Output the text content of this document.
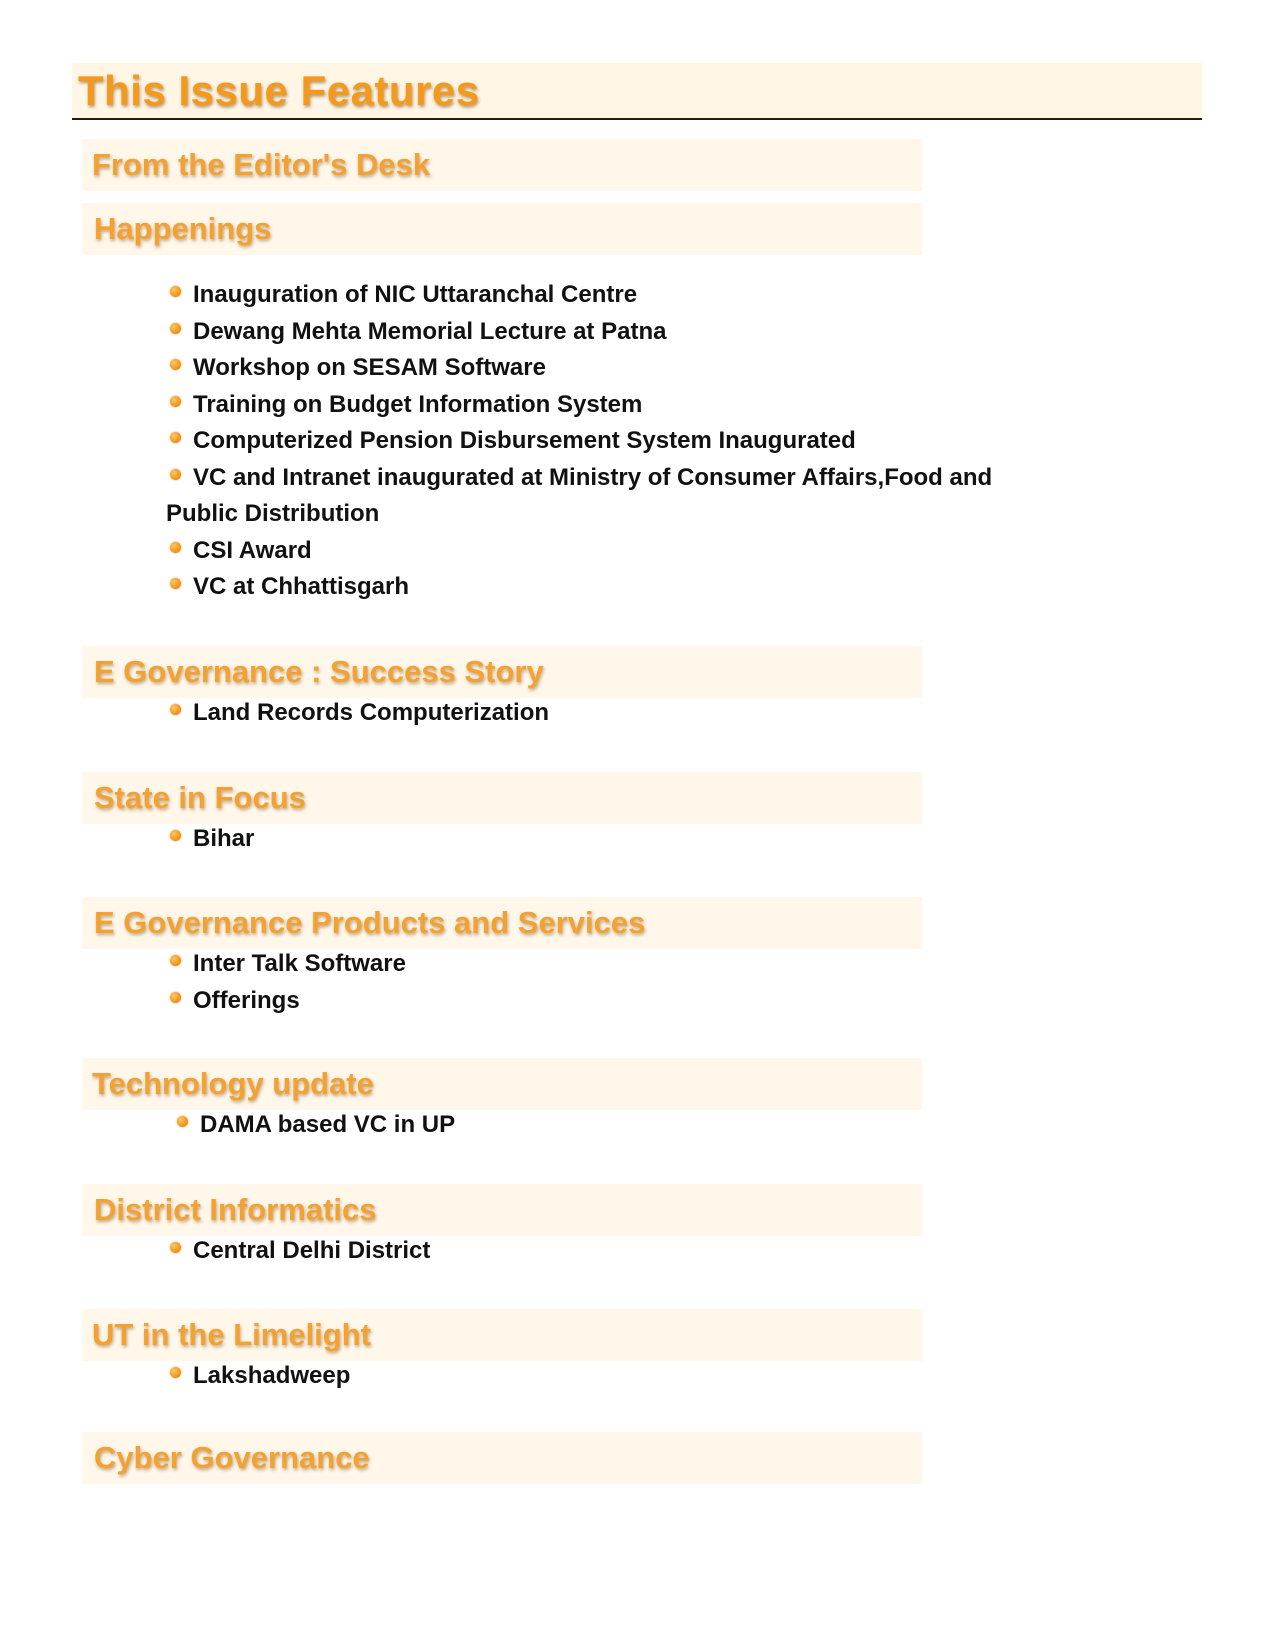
This Issue Features
From the Editor's Desk
Happenings
Inauguration of NIC Uttaranchal Centre
Dewang Mehta Memorial Lecture at Patna
Workshop on SESAM Software
Training on Budget Information System
Computerized Pension Disbursement System Inaugurated
VC and Intranet inaugurated at Ministry of Consumer Affairs,Food and
Public Distribution
CSI Award
VC at Chhattisgarh
E Governance : Success Story
Land Records Computerization
State in Focus
Bihar
E Governance Products and Services
Inter Talk Software
Offerings
Technology update
DAMA based VC in UP
District Informatics
Central Delhi District
UT in the Limelight
Lakshadweep
Cyber Governance
